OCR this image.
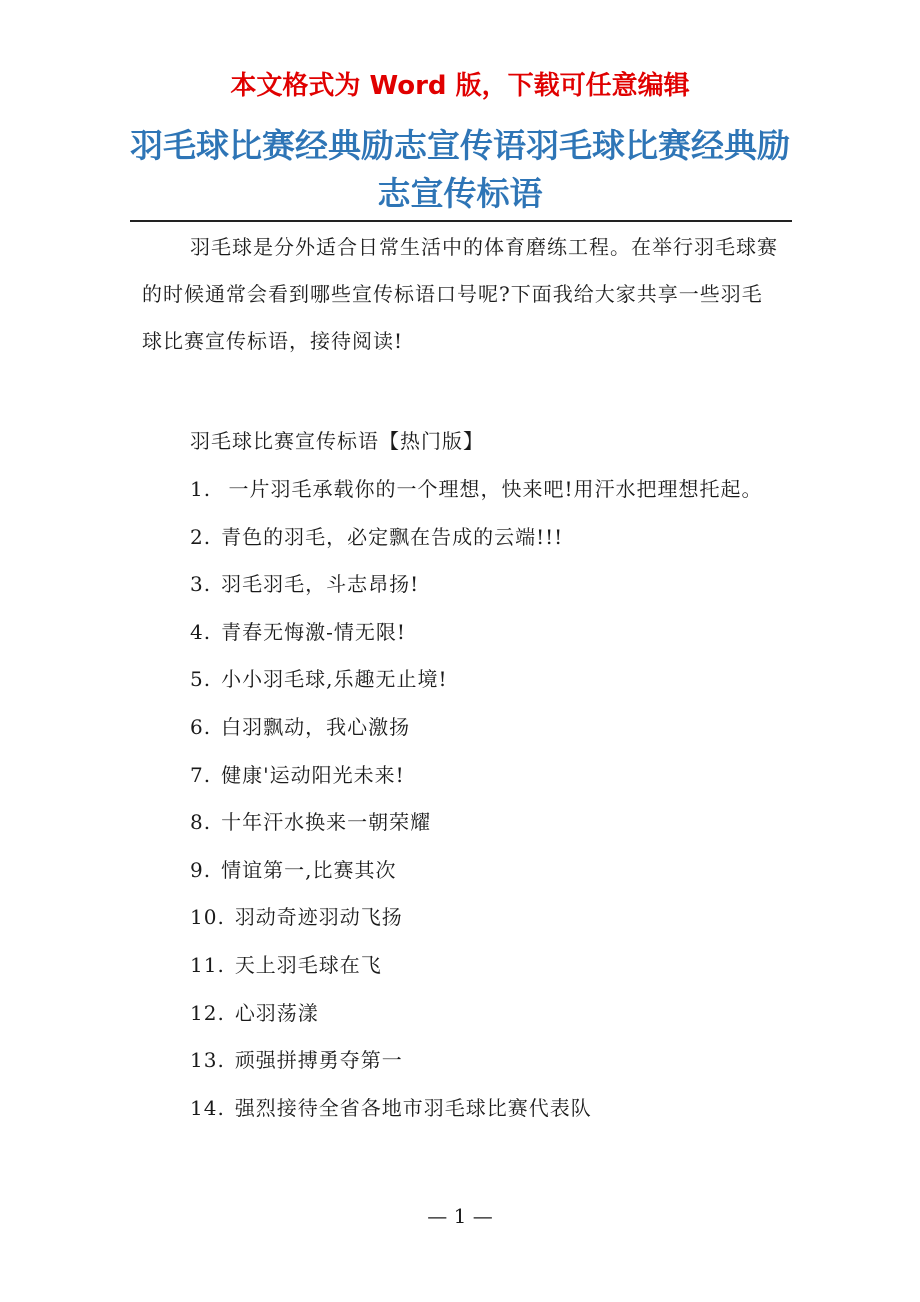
本文格式为 Word 版，下载可任意编辑
羽毛球比赛经典励志宣传语羽毛球比赛经典励志宣传标语

羽毛球是分外适合日常生活中的体育磨练工程。在举行羽毛球赛的时候通常会看到哪些宣传标语口号呢?下面我给大家共享一些羽毛球比赛宣传标语，接待阅读!

羽毛球比赛宣传标语【热门版】
1. 一片羽毛承载你的一个理想，快来吧!用汗水把理想托起。
2. 青色的羽毛，必定飘在告成的云端!!!
3. 羽毛羽毛，斗志昂扬!
4. 青春无悔激-情无限!
5. 小小羽毛球,乐趣无止境!
6. 白羽飘动，我心激扬
7. 健康'运动阳光未来!
8. 十年汗水换来一朝荣耀
9. 情谊第一,比赛其次
10. 羽动奇迹羽动飞扬
11. 天上羽毛球在飞
12. 心羽荡漾
13. 顽强拼搏勇夺第一
14. 强烈接待全省各地市羽毛球比赛代表队
— 1 —
